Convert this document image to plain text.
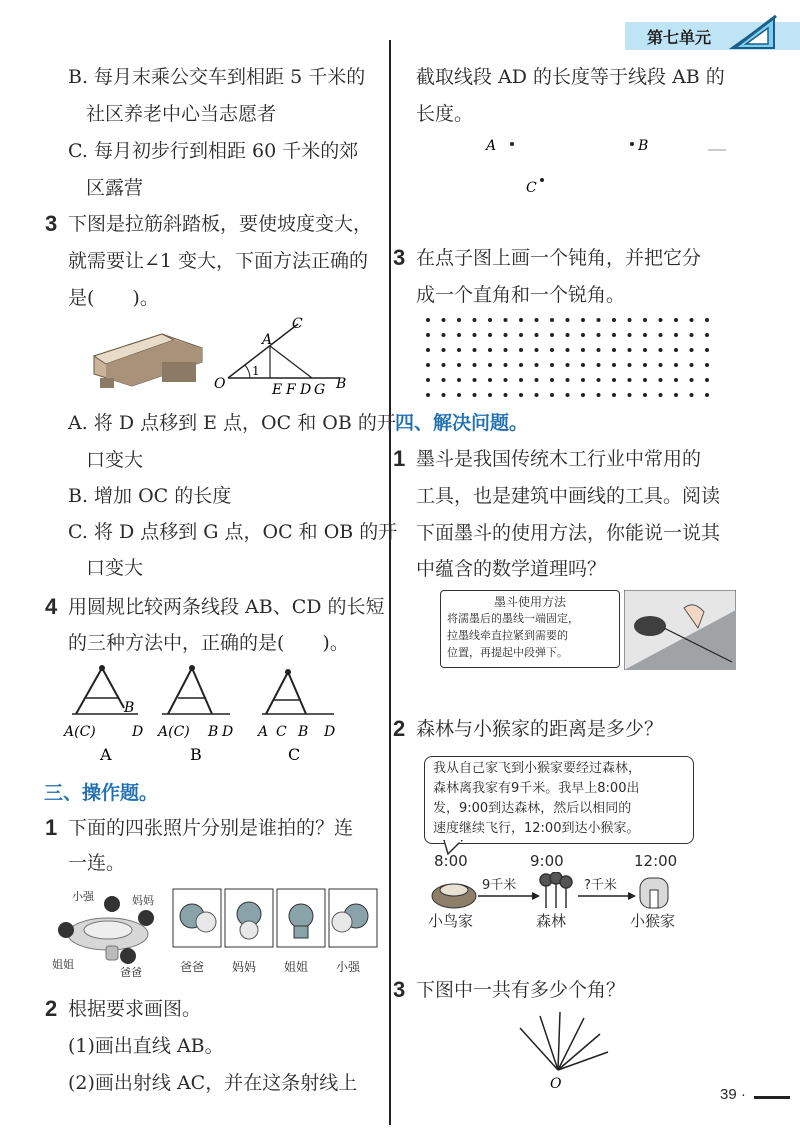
第七单元
B. 每月末乘公交车到相距 5 千米的
社区养老中心当志愿者
C. 每月初步行到相距 60 千米的郊
区露营
3 下图是拉筋斜踏板，要使坡度变大，
就需要让∠1 变大，下面方法正确的
是(　　)。
O
1
A
C
E F D G B
A. 将 D 点移到 E 点，OC 和 OB 的开
口变大
B. 增加 OC 的长度
C. 将 D 点移到 G 点，OC 和 OB 的开
口变大
4 用圆规比较两条线段 AB、CD 的长短
的三种方法中，正确的是(　　)。
A(C)
B
D
A
A(C) B D
B
A C B D
C
三、操作题。
1 下面的四张照片分别是谁拍的？连
一连。
小强	妈妈
姐姐
爸爸	爸爸 妈妈 姐姐 小强
2 根据要求画图。
(1)画出直线 AB。
(2)画出射线 AC，并在这条射线上
截取线段 AD 的长度等于线段 AB 的
长度。
A	B
C
3 在点子图上画一个钝角，并把它分
成一个直角和一个锐角。
四、解决问题。
1 墨斗是我国传统木工行业中常用的
工具，也是建筑中画线的工具。阅读
下面墨斗的使用方法，你能说一说其
中蕴含的数学道理吗？
墨斗使用方法
将濡墨后的墨线一端固定，
拉墨线牵直拉紧到需要的
位置，再提起中段弹下。
2 森林与小猴家的距离是多少？
我从自己家飞到小猴家要经过森林，
森林离我家有9千米。我早上8:00出
发，9:00到达森林，然后以相同的
速度继续飞行，12:00到达小猴家。
8:00	9:00	12:00
9千米	?千米
小鸟家	森林	小猴家
3 下图中一共有多少个角？
O
39 ·
